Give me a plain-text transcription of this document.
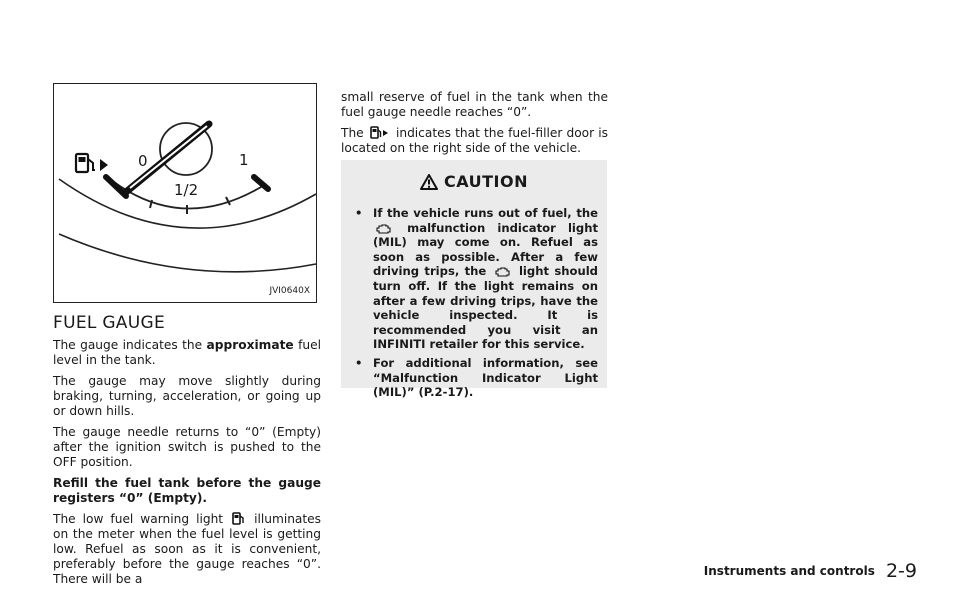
0
1/2
1
JVI0640X
FUEL GAUGE

The gauge indicates the approximate fuel level in the tank.

The gauge may move slightly during braking, turning, acceleration, or going up or down hills.

The gauge needle returns to “0” (Empty) after the ignition switch is pushed to the OFF position.

Refill the fuel tank before the gauge registers “0” (Empty).

The low fuel warning light	illuminates on the meter when the fuel level is getting low. Refuel as soon as it is convenient, preferably before the gauge reaches “0”. There will be a

small reserve of fuel in the tank when the fuel gauge needle reaches “0”.

The	indicates that the fuel-filler door is located on the right side of the vehicle.

CAUTION
• If the vehicle runs out of fuel, the  malfunction indicator light (MIL) may come on. Refuel as soon as possible. After a few driving trips, the	light should turn off. If the light remains on after a few driving trips, have the vehicle inspected. It is recommended you visit an INFINITI retailer for this service.
• For additional information, see “Malfunction Indicator Light (MIL)” (P.2-17).
Instruments and controls 2-9
